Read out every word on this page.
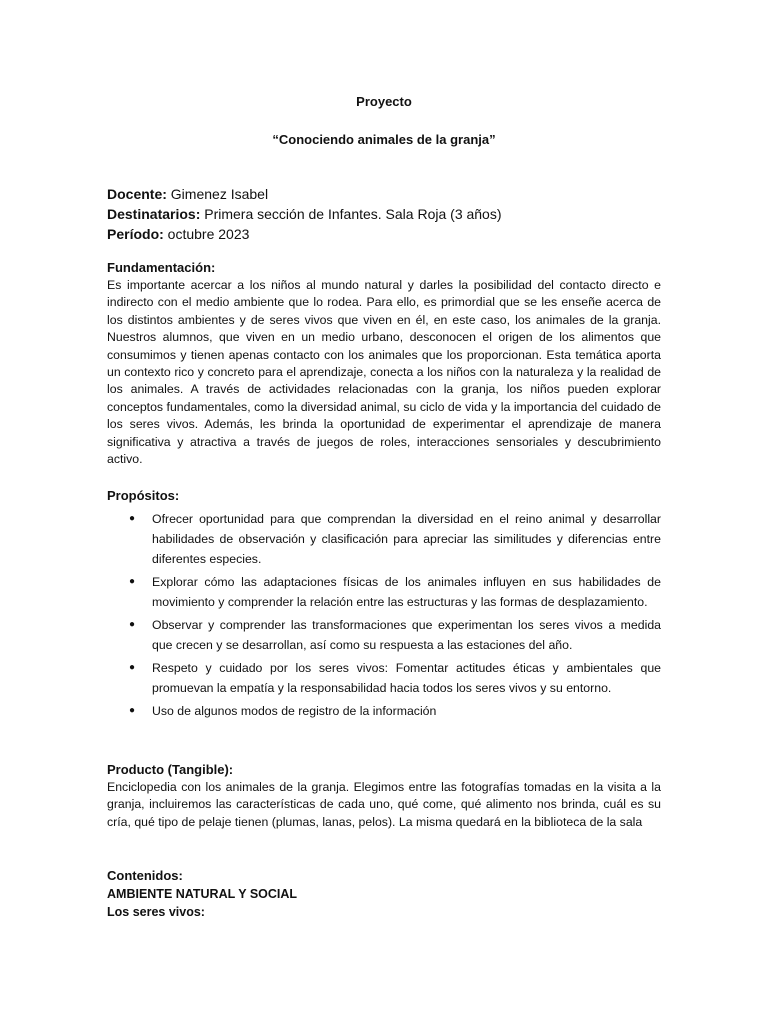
Proyecto
“Conociendo animales de la granja”
Docente: Gimenez Isabel
Destinatarios: Primera sección de Infantes. Sala Roja (3 años)
Período: octubre 2023
Fundamentación:
Es importante acercar a los niños al mundo natural y darles la posibilidad del contacto directo e indirecto con el medio ambiente que lo rodea. Para ello, es primordial que se les enseñe acerca de los distintos ambientes y de seres vivos que viven en él, en este caso, los animales de la granja. Nuestros alumnos, que viven en un medio urbano, desconocen el origen de los alimentos que consumimos y tienen apenas contacto con los animales que los proporcionan. Esta temática aporta un contexto rico y concreto para el aprendizaje, conecta a los niños con la naturaleza y la realidad de los animales. A través de actividades relacionadas con la granja, los niños pueden explorar conceptos fundamentales, como la diversidad animal, su ciclo de vida y la importancia del cuidado de los seres vivos. Además, les brinda la oportunidad de experimentar el aprendizaje de manera significativa y atractiva a través de juegos de roles, interacciones sensoriales y descubrimiento activo.
Propósitos:
● Ofrecer oportunidad para que comprendan la diversidad en el reino animal y desarrollar habilidades de observación y clasificación para apreciar las similitudes y diferencias entre diferentes especies.
● Explorar cómo las adaptaciones físicas de los animales influyen en sus habilidades de movimiento y comprender la relación entre las estructuras y las formas de desplazamiento.
● Observar y comprender las transformaciones que experimentan los seres vivos a medida que crecen y se desarrollan, así como su respuesta a las estaciones del año.
● Respeto y cuidado por los seres vivos: Fomentar actitudes éticas y ambientales que promuevan la empatía y la responsabilidad hacia todos los seres vivos y su entorno.
● Uso de algunos modos de registro de la información
Producto (Tangible):
Enciclopedia con los animales de la granja. Elegimos entre las fotografías tomadas en la visita a la granja, incluiremos las características de cada uno, qué come, qué alimento nos brinda, cuál es su cría, qué tipo de pelaje tienen (plumas, lanas, pelos). La misma quedará en la biblioteca de la sala
Contenidos:
AMBIENTE NATURAL Y SOCIAL
Los seres vivos:
